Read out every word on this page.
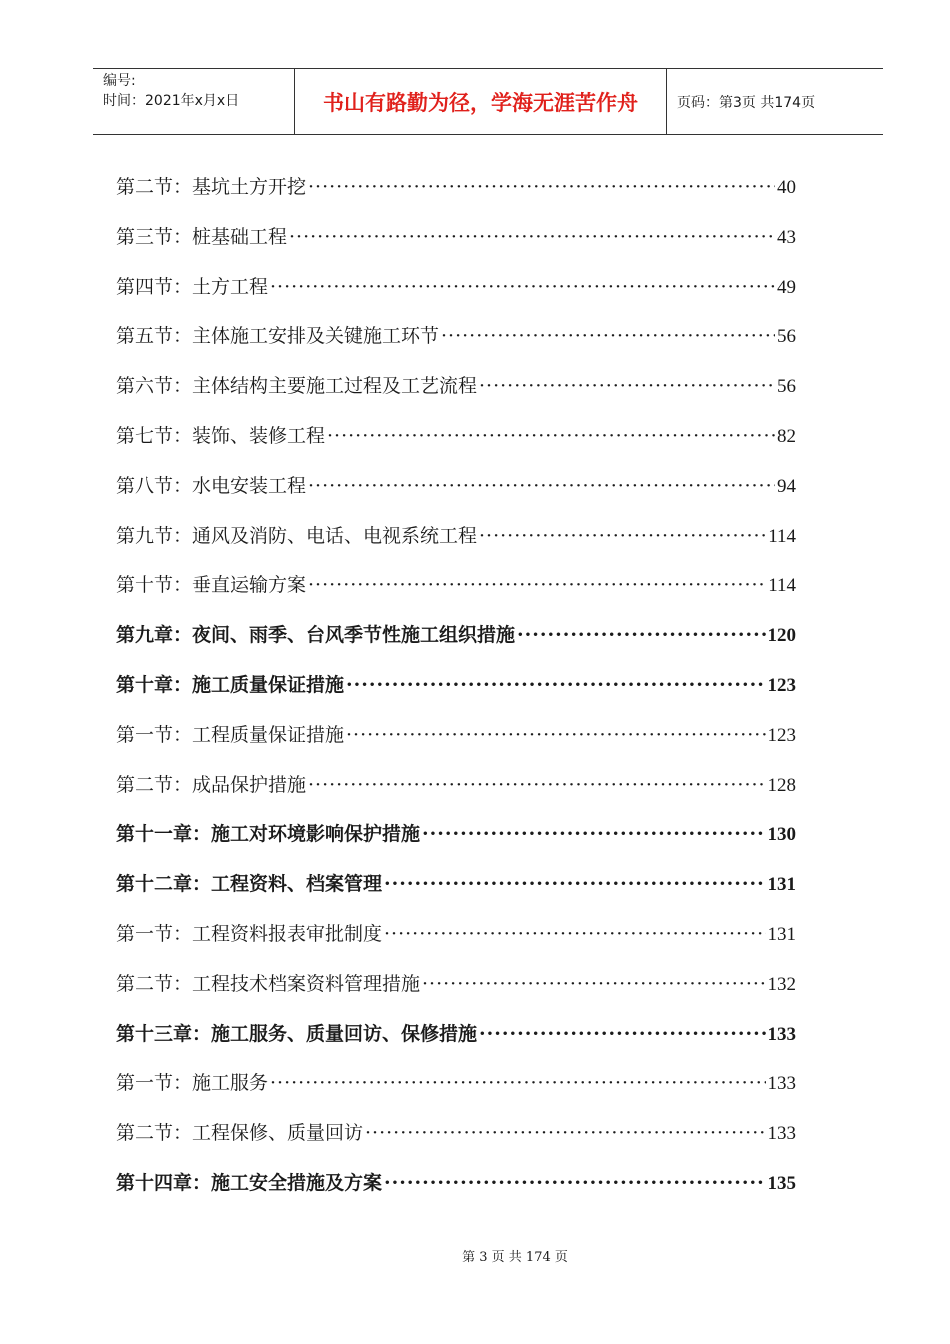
编号:
时间：2021年x月x日	书山有路勤为径，学海无涯苦作舟	页码：第3页 共174页
第二节：基坑土方开挖 ·····	40
第三节：桩基础工程 ·····	43
第四节：土方工程 ·····	49
第五节：主体施工安排及关键施工环节 ·····	56
第六节：主体结构主要施工过程及工艺流程 ·····	56
第七节：装饰、装修工程 ·····	82
第八节：水电安装工程 ·····	94
第九节：通风及消防、电话、电视系统工程 ·····	114
第十节：垂直运输方案 ·····	114
第九章：夜间、雨季、台风季节性施工组织措施 ·····	120
第十章：施工质量保证措施 ·····	123
第一节：工程质量保证措施 ·····	123
第二节：成品保护措施 ·····	128
第十一章：施工对环境影响保护措施 ·····	130
第十二章：工程资料、档案管理 ·····	131
第一节：工程资料报表审批制度 ·····	131
第二节：工程技术档案资料管理措施 ·····	132
第十三章：施工服务、质量回访、保修措施 ·····	133
第一节：施工服务 ·····	133
第二节：工程保修、质量回访 ·····	133
第十四章：施工安全措施及方案 ·····	135
第 3 页 共 174 页
